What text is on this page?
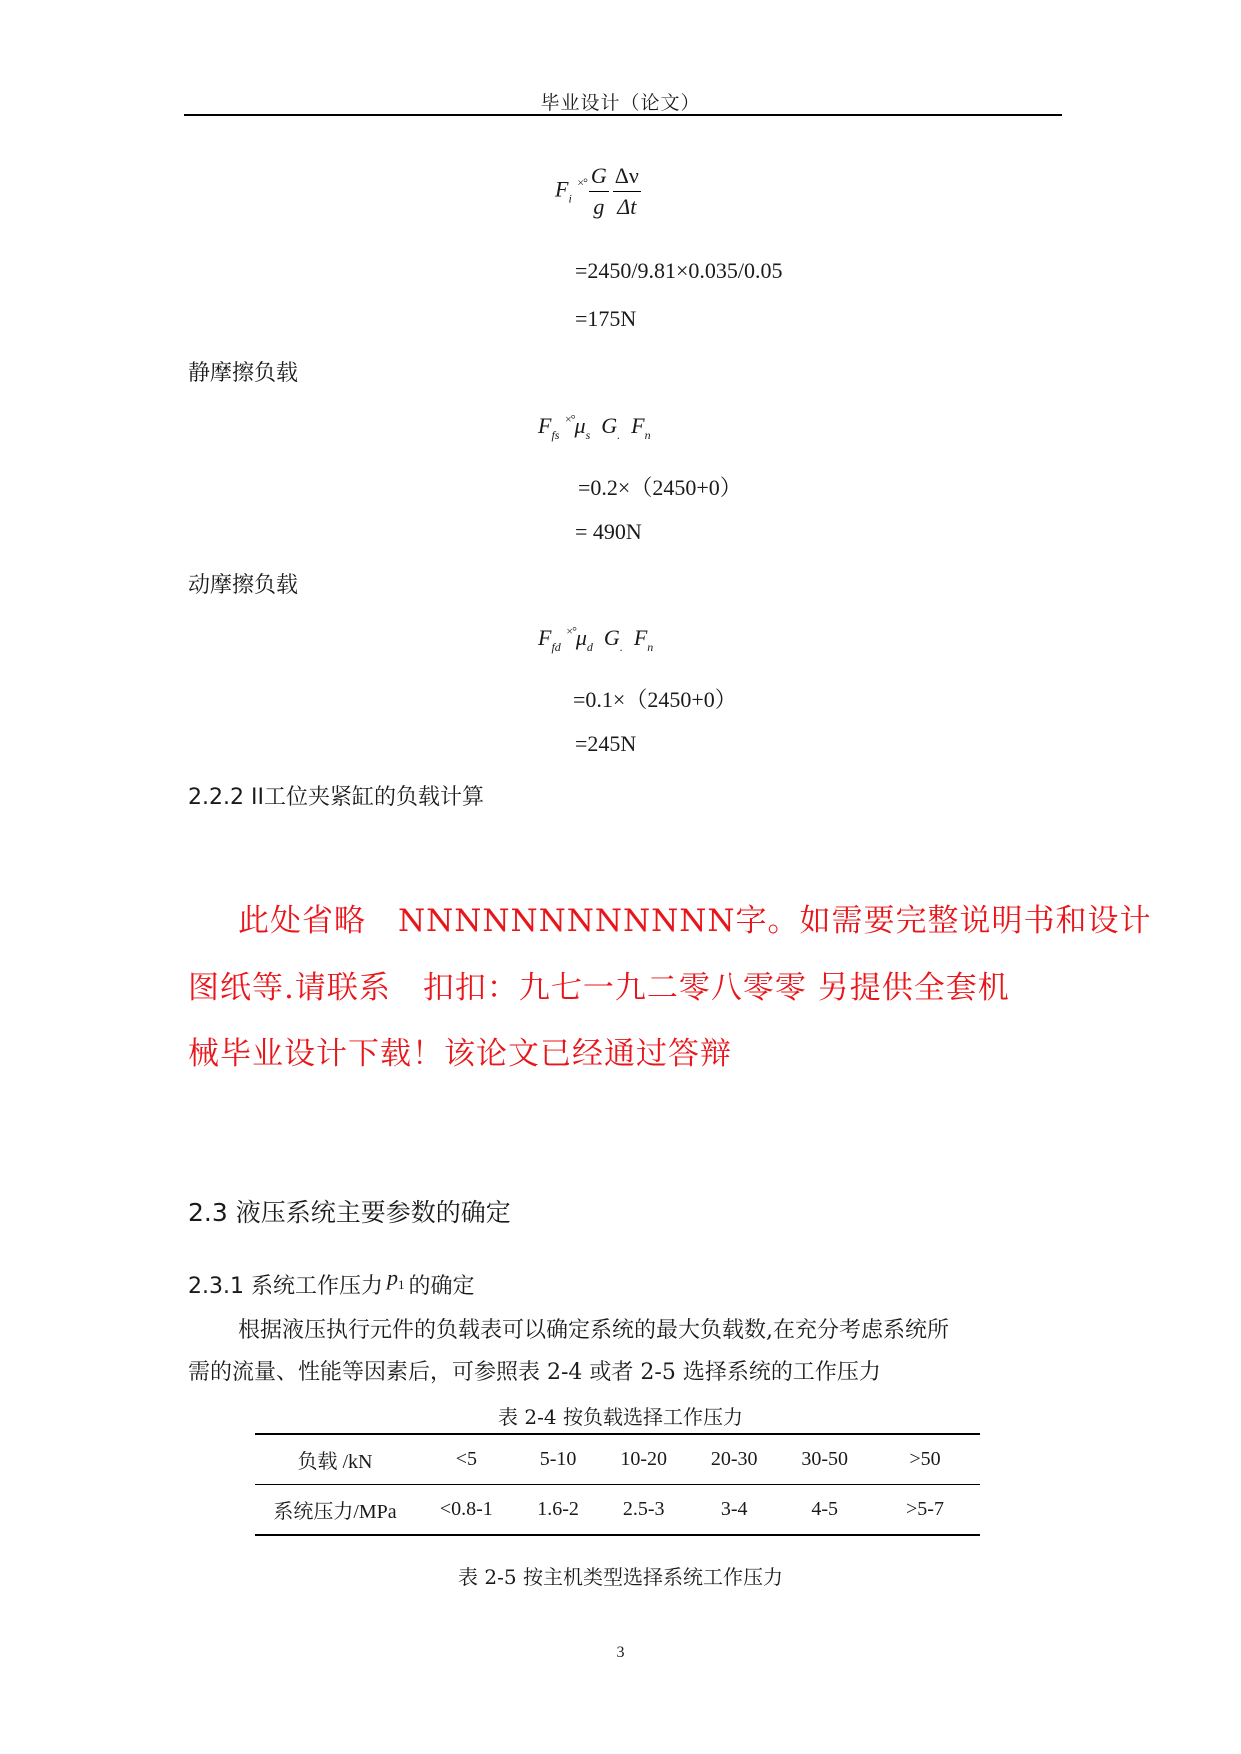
毕业设计（论文）
$F_i$ $^{\times^\circ} \frac{G}{g} \frac{\Delta\nu}{\Delta t}$
=2450/9.81×0.035/0.05
=175N
静摩擦负载
$F_{fs}$ $^{\times^\circ}\mu_s$ $G_.$ $F_n$
=0.2×（2450+0）
= 490N
动摩擦负载
$F_{fd}$ $^{\times^\circ}\mu_d$ $G_.$ $F_n$
=0.1×（2450+0）
=245N
2.2.2 II工位夹紧缸的负载计算
此处省略　NNNNNNNNNNNN字。如需要完整说明书和设计
图纸等.请联系　扣扣：九七一九二零八零零 另提供全套机
械毕业设计下载！该论文已经通过答辩
2.3 液压系统主要参数的确定
2.3.1 系统工作压力 p1 的确定
根据液压执行元件的负载表可以确定系统的最大负载数,在充分考虑系统所
需的流量、性能等因素后，可参照表 2-4 或者 2-5 选择系统的工作压力
表 2-4 按负载选择工作压力
负载 /kN	<5	5-10	10-20	20-30	30-50	>50
系统压力/MPa	<0.8-1	1.6-2	2.5-3	3-4	4-5	>5-7
表 2-5 按主机类型选择系统工作压力
3
